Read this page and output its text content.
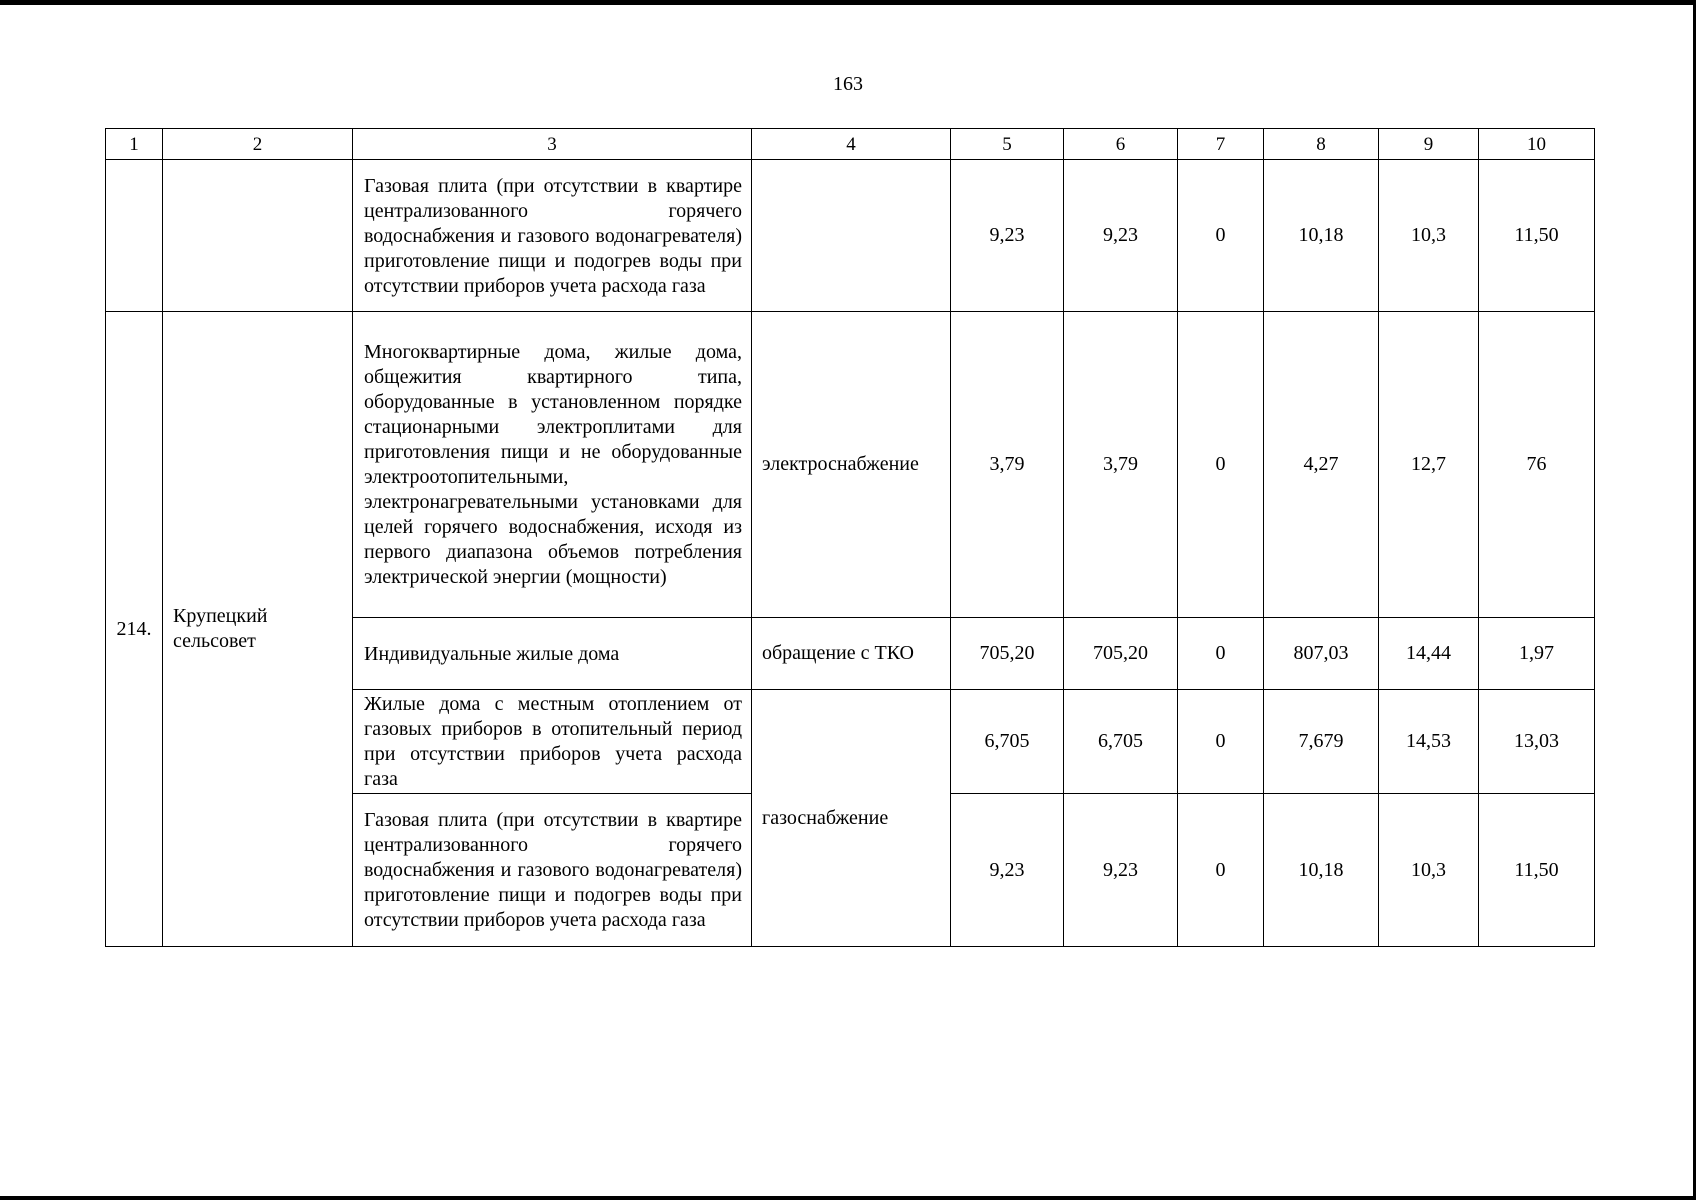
163
1	2	3	4	5	6	7	8	9	10
		Газовая плита (при отсутствии в квартире централизованного горячего водоснабжения и газового водонагревателя) приготовление пищи и подогрев воды при отсутствии приборов учета расхода газа		9,23	9,23	0	10,18	10,3	11,50
214.	Крупецкий сельсовет	Многоквартирные дома, жилые дома, общежития квартирного типа, оборудованные в установленном порядке стационарными электроплитами для приготовления пищи и не оборудованные электроотопительными, электронагревательными установками для целей горячего водоснабжения, исходя из первого диапазона объемов потребления электрической энергии (мощности)	электроснабжение	3,79	3,79	0	4,27	12,7	76
		Индивидуальные жилые дома	обращение с ТКО	705,20	705,20	0	807,03	14,44	1,97
		Жилые дома с местным отоплением от газовых приборов в отопительный период при отсутствии приборов учета расхода газа	газоснабжение	6,705	6,705	0	7,679	14,53	13,03
		Газовая плита (при отсутствии в квартире централизованного горячего водоснабжения и газового водонагревателя) приготовление пищи и подогрев воды при отсутствии приборов учета расхода газа		9,23	9,23	0	10,18	10,3	11,50
